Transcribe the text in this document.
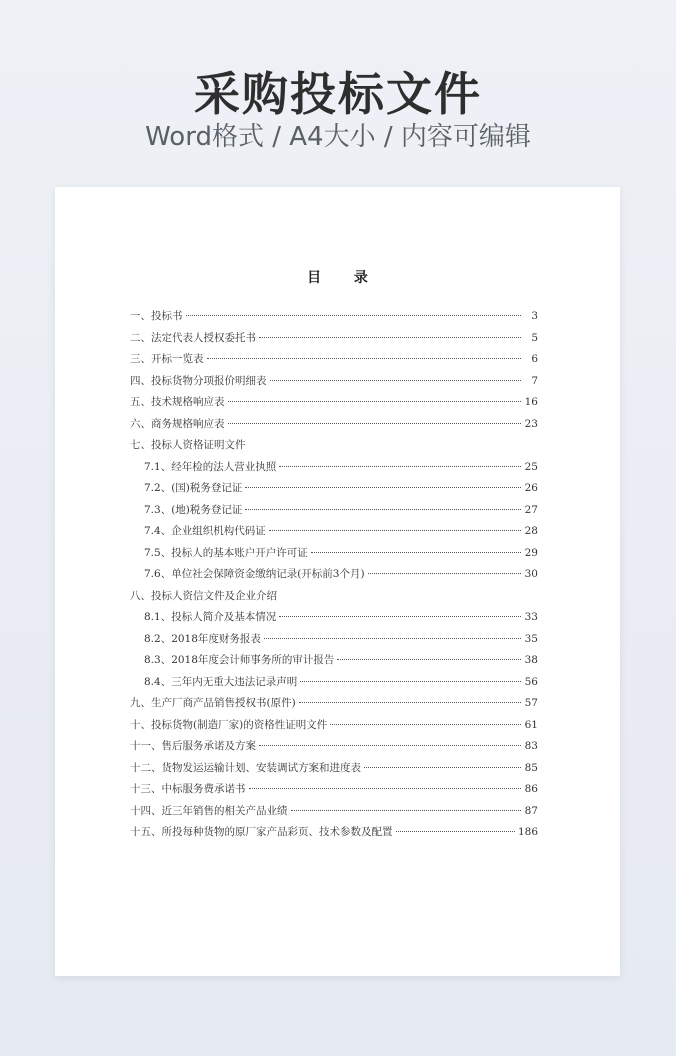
采购投标文件
Word格式 / A4大小 / 内容可编辑
目 录
一、投标书	3
二、法定代表人授权委托书	5
三、开标一览表	6
四、投标货物分项报价明细表	7
五、技术规格响应表	16
六、商务规格响应表	23
七、投标人资格证明文件
7.1、经年检的法人营业执照	25
7.2、(国)税务登记证	26
7.3、(地)税务登记证	27
7.4、企业组织机构代码证	28
7.5、投标人的基本账户开户许可证	29
7.6、单位社会保障资金缴纳记录(开标前3个月)	30
八、投标人资信文件及企业介绍
8.1、投标人简介及基本情况	33
8.2、2018年度财务报表	35
8.3、2018年度会计师事务所的审计报告	38
8.4、三年内无重大违法记录声明	56
九、生产厂商产品销售授权书(原件)	57
十、投标货物(制造厂家)的资格性证明文件	61
十一、售后服务承诺及方案	83
十二、货物发运运输计划、安装调试方案和进度表	85
十三、中标服务费承诺书	86
十四、近三年销售的相关产品业绩	87
十五、所投每种货物的原厂家产品彩页、技术参数及配置	186
